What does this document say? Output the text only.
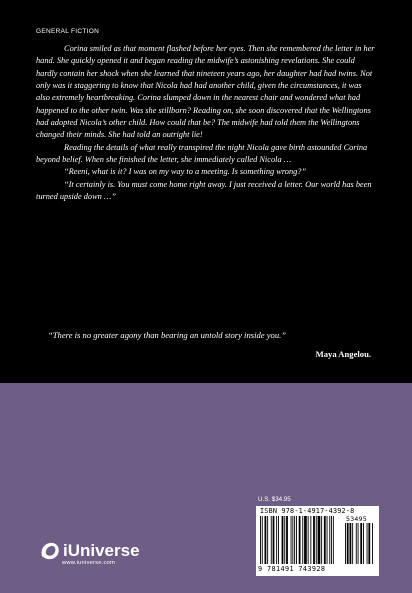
GENERAL FICTION

Corina smiled as that moment flashed before her eyes. Then she remembered the letter in her hand. She quickly opened it and began reading the midwife’s astonishing revelations. She could hardly contain her shock when she learned that nineteen years ago, her daughter had had twins. Not only was it staggering to know that Nicola had had another child, given the circumstances, it was also extremely heartbreaking. Corina slumped down in the nearest chair and wondered what had happened to the other twin. Was she stillborn? Reading on, she soon discovered that the Wellingtons had adopted Nicola’s other child. How could that be? The midwife had told them the Wellingtons changed their minds. She had told an outright lie!

Reading the details of what really transpired the night Nicola gave birth astounded Corina beyond belief. When she finished the letter, she immediately called Nicola …

“Reeni, what is it? I was on my way to a meeting. Is something wrong?”

“It certainly is. You must come home right away. I just received a letter. Our world has been turned upside down …”

“There is no greater agony than bearing an untold story inside you.”
Maya Angelou.
iUniverse
www.iuniverse.com
U.S. $34.95
ISBN 978-1-4917-4392-8
53495
9 781491 743928
